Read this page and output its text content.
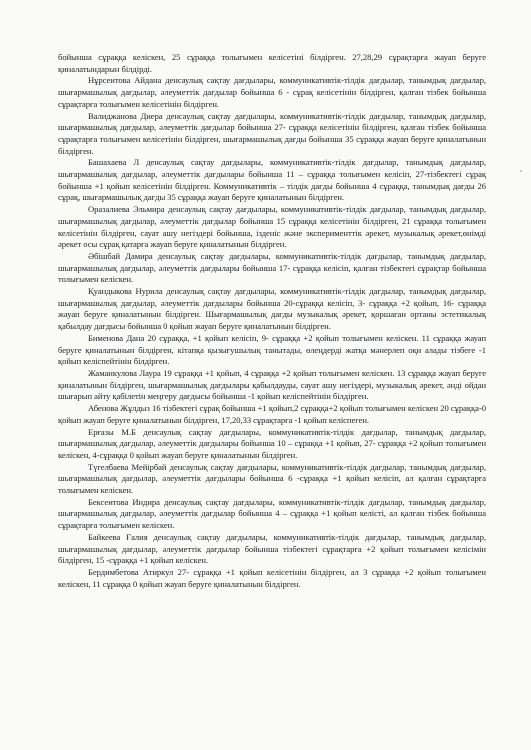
бойынша сұраққа келіскен, 25 сұраққа толығымен келісетіні білдірген. 27,28,29 сұрақтарға жауап беруге қиналатындарын білдірді.

Нұрсеитова Айдана денсаулық сақтау дағдылары, коммуникативтік-тілдік дағдылар, танымдық дағдылар, шығармашылық дағдылар, әлеуметтік дағдылар бойынша 6 - сұрақ келісетінін білдірген, қалған тізбек бойынша сұрақтарға толығымен келісетінін білдірген.

Валиджанова Диера денсаулық сақтау дағдылары, коммуникативтік-тілдік дағдылар, танымдық дағдылар, шығармашылық дағдылар, әлеуметтік дағдылар бойынша 27- сұраққа келісетінін білдірген, қалған тізбек бойынша сұрақтарға толығымен келісетінін білдірген, шығармашылық дағды бойынша 35 сұраққа жауап беруге қиналатынын білдірген.

Башахаева Л денсаулық сақтау дағдылары, коммуникативтік-тілдік дағдылар, танымдық дағдылар, шығармашылық дағдылар, әлеуметтік дағдылары бойынша 11 – сұраққа толығымен келісіп, 27-тізбектегі сұрақ бойынша +1 қойып келісетінін білдірген. Коммуникативтік – тілдік дағды бойынша 4 сұраққа, танымдық дағды 26 сұрақ, шығармашылық дағды 35 сұраққа жауап беруге қиналатынын білдірген.

Оразалиева Эльмира денсаулық сақтау дағдылары, коммуникативтік-тілдік дағдылар, танымдық дағдылар, шығармашылық дағдылар, әлеуметтік дағдылар бойынша 15 сұраққа келісетінін білдірген, 21 сұраққа толығымен келісетінін білдірген, сауат ашу негіздері бойынша, ізденіс және эксперименттік әрекет, музыкалық әрекет,өнімді әрекет осы сұрақ қатарға жауап беруге қиналатынын білдірген.

Әбішбай Дамира денсаулық сақтау дағдылары, коммуникативтік-тілдік дағдылар, танымдық дағдылар, шығармашылық дағдылар, әлеуметтік дағдылары бойынша 17- сұраққа келісіп, қалған тізбектегі сұрақтар бойынша толығымен келіскен.

Қуандыкова Нурила денсаулық сақтау дағдылары, коммуникативтік-тілдік дағдылар, танымдық дағдылар, шығармашылық дағдылар, әлеуметтік дағдылары бойынша 20-сұраққа келісіп, 3- сұраққа +2 қойып, 16- сұраққа жауап беруге қиналатынын білдірген. Шығармашылық дағды музыкалық әрекет, қоршаған ортаны эстетикалық қабылдау дағдысы бойынша 0 қойып жауап беруге қиналатынын білдірген.

Бименова Дана 20 сұраққа, +1 қойып келісіп, 9- сұраққа +2 қойып толығымен келіскен. 11 сұраққа жауап беруге қиналатынын білдірген, кітапқа қызығушылық танытады, өлеңдерді жатқа мәнерлеп оқи алады тізбеге -1 қойып келіспейтінін білдірген.

Жаманкулова Лаура 19 сұраққа +1 қойып, 4 сұраққа +2 қойып толығымен келіскен. 13 сұраққа жауап беруге қиналатынын білдірген, шығармашылық дағдылары қабылдауды, сауат ашу негіздері, музыкалық әрекет, әнді ойдан шығарып айту қабілетін меңгеру дағдысы бойынша -1 қойып келіспейтінін білдірген.

Абенова Жұлдыз 16 тізбектегі сұрақ бойынша +1 қойып,2 сұраққа+2 қойып толығымен келіскен 20 сұраққа-0 қойып жауап беруге қиналатынын білдірген, 17,20,33 сұрақтарға -1 қойып келіспеген.

Ерғазы М.Б денсаулық сақтау дағдылары, коммуникативтік-тілдік дағдылар, танымдық дағдылар, шығармашылық дағдылар, әлеуметтік дағдылары бойынша 10 – сұраққа +1 қойып, 27- сұраққа +2 қойып толығымен келіскен, 4-сұраққа 0 қойып жауап беруге қиналатынын білдірген.

Түгелбаева Мейірбай денсаулық сақтау дағдылары, коммуникативтік-тілдік дағдылар, танымдық дағдылар, шығармашылық дағдылар, әлеуметтік дағдылары бойынша 6 -сұраққа +1 қойып келісіп, ал қалған сұрақтарға толығымен келіскен.

Бексеитова Индира денсаулық сақтау дағдылары, коммуникативтік-тілдік дағдылар, танымдық дағдылар, шығармашылық дағдылар, әлеуметтік дағдылар бойынша 4 – сұраққа +1 қойып келісті, ал қалған тізбек бойынша сұрақтарға толығымен келіскен.

Байкеева Ғалия денсаулық сақтау дағдылары, коммуникативтік-тілдік дағдылар, танымдық дағдылар, шығармашылық дағдылар, әлеуметтік дағдылар бойынша тізбектегі сұрақтарға +2 қойып толығымен келісімін білдірген, 15 -сұраққа +1 қойып келіскен.

Бердимбетова Атиркул 27- сұраққа +1 қойып келісетінін білдірген, ал 3 сұраққа +2 қойып толығымен келіскен, 11 сұраққа 0 қойып жауап беруге қиналатынын білдірген.
